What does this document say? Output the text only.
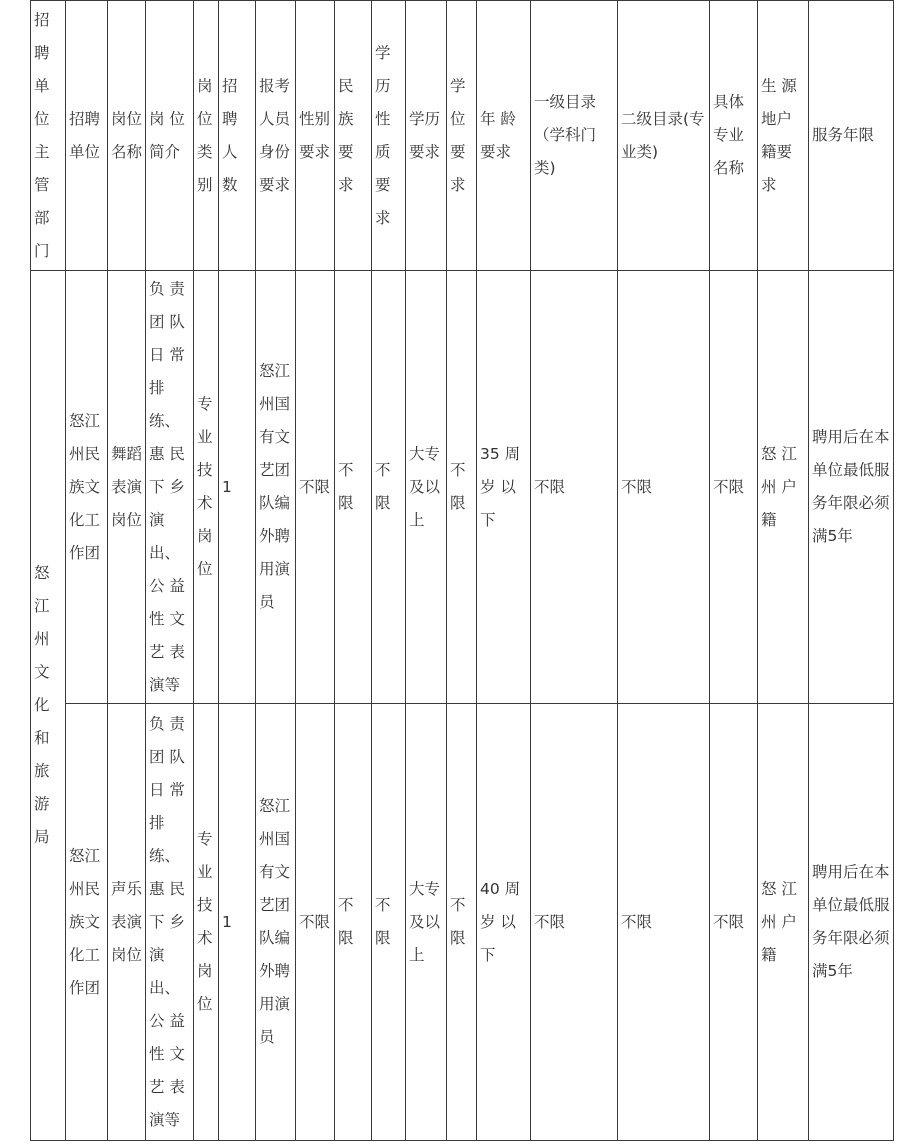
招聘单位主管部门	招聘单位	岗位名称	岗 位简介	岗位类别	招聘人数	报考人员身份要求	性别要求	民族要求	学历性质要求	学历要求	学位要求	年 龄要求	一级目录（学科门类)	二级目录(专业类)	具体专业名称	生 源地户籍要求	服务年限
怒江州文化和旅游局	怒江州民族文化工作团	舞蹈表演岗位	负 责团 队日 常排 练、惠 民下 乡演 出、公 益性 文艺 表演等	专业技术岗位	1	怒江州国有文艺团队编外聘用演员	不限	不限	不限	大专及以上	不限	35 周岁 以下	不限	不限	不限	怒 江州 户籍	聘用后在本单位最低服务年限必须满5年
	怒江州民族文化工作团	声乐表演岗位	负 责团 队日 常排 练、惠 民下 乡演 出、公 益性 文艺 表演等	专业技术岗位	1	怒江州国有文艺团队编外聘用演员	不限	不限	不限	大专及以上	不限	40 周岁 以下	不限	不限	不限	怒 江州 户籍	聘用后在本单位最低服务年限必须满5年
